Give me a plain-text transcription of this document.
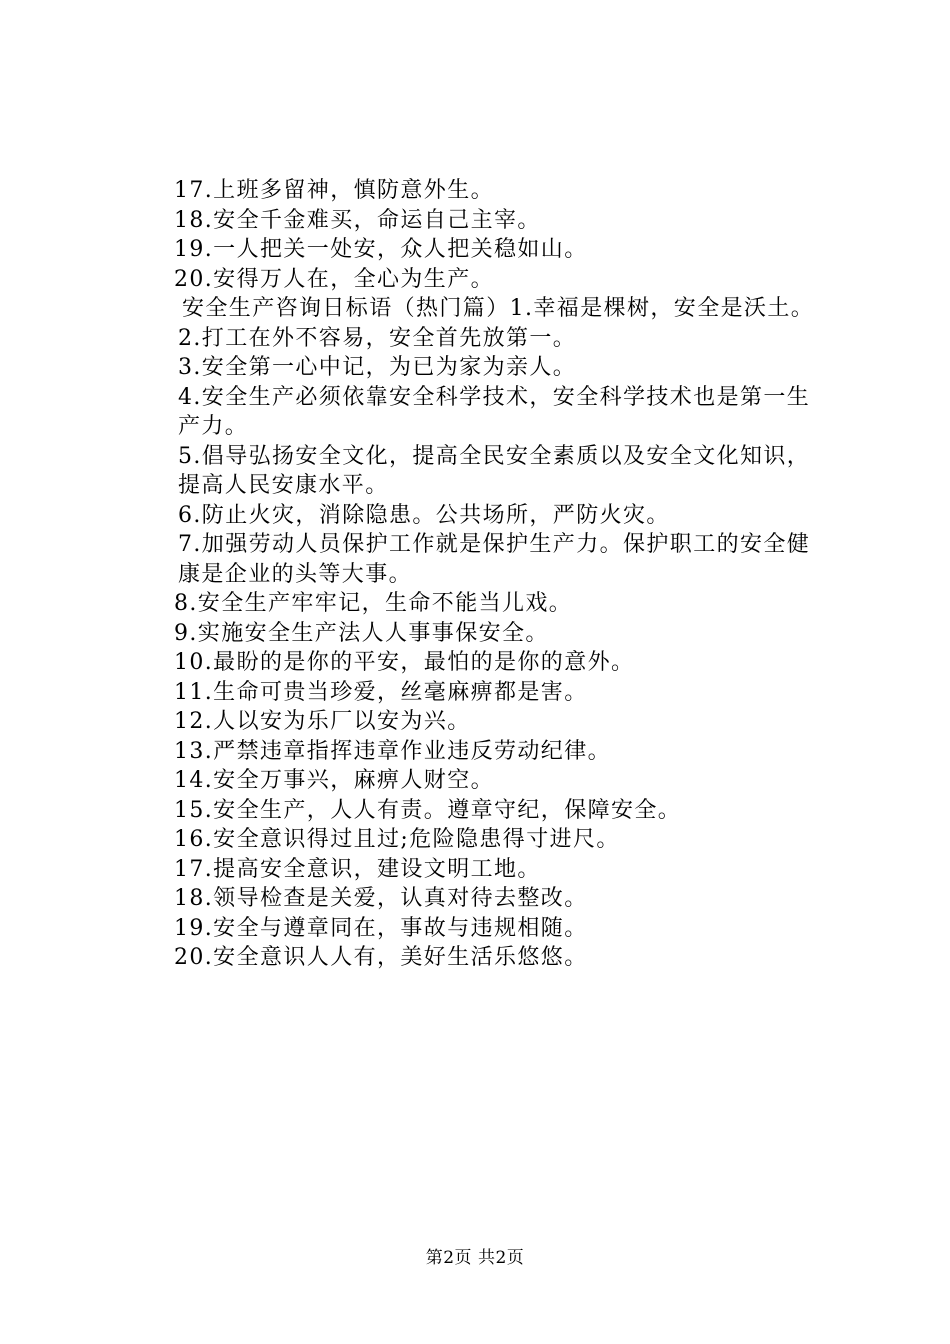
17.上班多留神，慎防意外生。
18.安全千金难买，命运自己主宰。
19.一人把关一处安，众人把关稳如山。
20.安得万人在，全心为生产。
安全生产咨询日标语（热门篇）1.幸福是棵树，安全是沃土。
2.打工在外不容易，安全首先放第一。
3.安全第一心中记，为已为家为亲人。
4.安全生产必须依靠安全科学技术，安全科学技术也是第一生产力。
5.倡导弘扬安全文化，提高全民安全素质以及安全文化知识，提高人民安康水平。
6.防止火灾，消除隐患。公共场所，严防火灾。
7.加强劳动人员保护工作就是保护生产力。保护职工的安全健康是企业的头等大事。
8.安全生产牢牢记，生命不能当儿戏。
9.实施安全生产法人人事事保安全。
10.最盼的是你的平安，最怕的是你的意外。
11.生命可贵当珍爱，丝毫麻痹都是害。
12.人以安为乐厂以安为兴。
13.严禁违章指挥违章作业违反劳动纪律。
14.安全万事兴，麻痹人财空。
15.安全生产，人人有责。遵章守纪，保障安全。
16.安全意识得过且过;危险隐患得寸进尺。
17.提高安全意识，建设文明工地。
18.领导检查是关爱，认真对待去整改。
19.安全与遵章同在，事故与违规相随。
20.安全意识人人有，美好生活乐悠悠。
第2页 共2页
